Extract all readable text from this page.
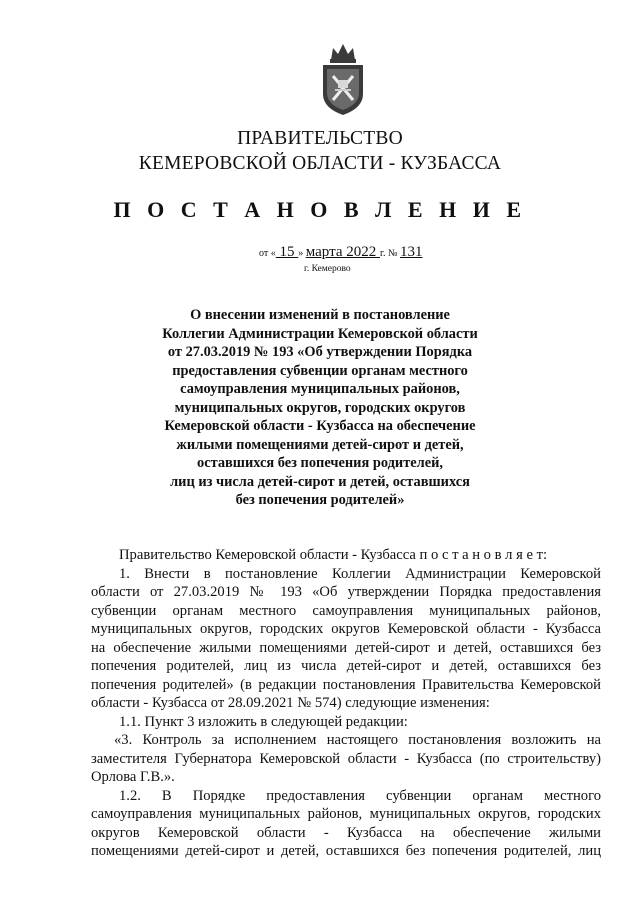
ПРАВИТЕЛЬСТВО
КЕМЕРОВСКОЙ ОБЛАСТИ - КУЗБАССА
П О С Т А Н О В Л Е Н И Е
от « 15 » марта 2022 г. № 131
г. Кемерово
О внесении изменений в постановление
Коллегии Администрации Кемеровской области
от 27.03.2019 № 193 «Об утверждении Порядка
предоставления субвенции органам местного
самоуправления муниципальных районов,
муниципальных округов, городских округов
Кемеровской области - Кузбасса на обеспечение
жилыми помещениями детей-сирот и детей,
оставшихся без попечения родителей,
лиц из числа детей-сирот и детей, оставшихся
без попечения родителей»
Правительство Кемеровской области - Кузбасса п о с т а н о в л я е т:
1. Внести в постановление Коллегии Администрации Кемеровской
области от 27.03.2019 № 193 «Об утверждении Порядка предоставления
субвенции органам местного самоуправления муниципальных районов,
муниципальных округов, городских округов Кемеровской области - Кузбасса
на обеспечение жилыми помещениями детей-сирот и детей, оставшихся без
попечения родителей, лиц из числа детей-сирот и детей, оставшихся без
попечения родителей» (в редакции постановления Правительства Кемеровской
области - Кузбасса от 28.09.2021 № 574) следующие изменения:
1.1. Пункт 3 изложить в следующей редакции:
«3. Контроль за исполнением настоящего постановления возложить на
заместителя Губернатора Кемеровской области - Кузбасса (по строительству)
Орлова Г.В.».
1.2. В Порядке предоставления субвенции органам местного
самоуправления муниципальных районов, муниципальных округов, городских
округов Кемеровской области - Кузбасса на обеспечение жилыми
помещениями детей-сирот и детей, оставшихся без попечения родителей, лиц
